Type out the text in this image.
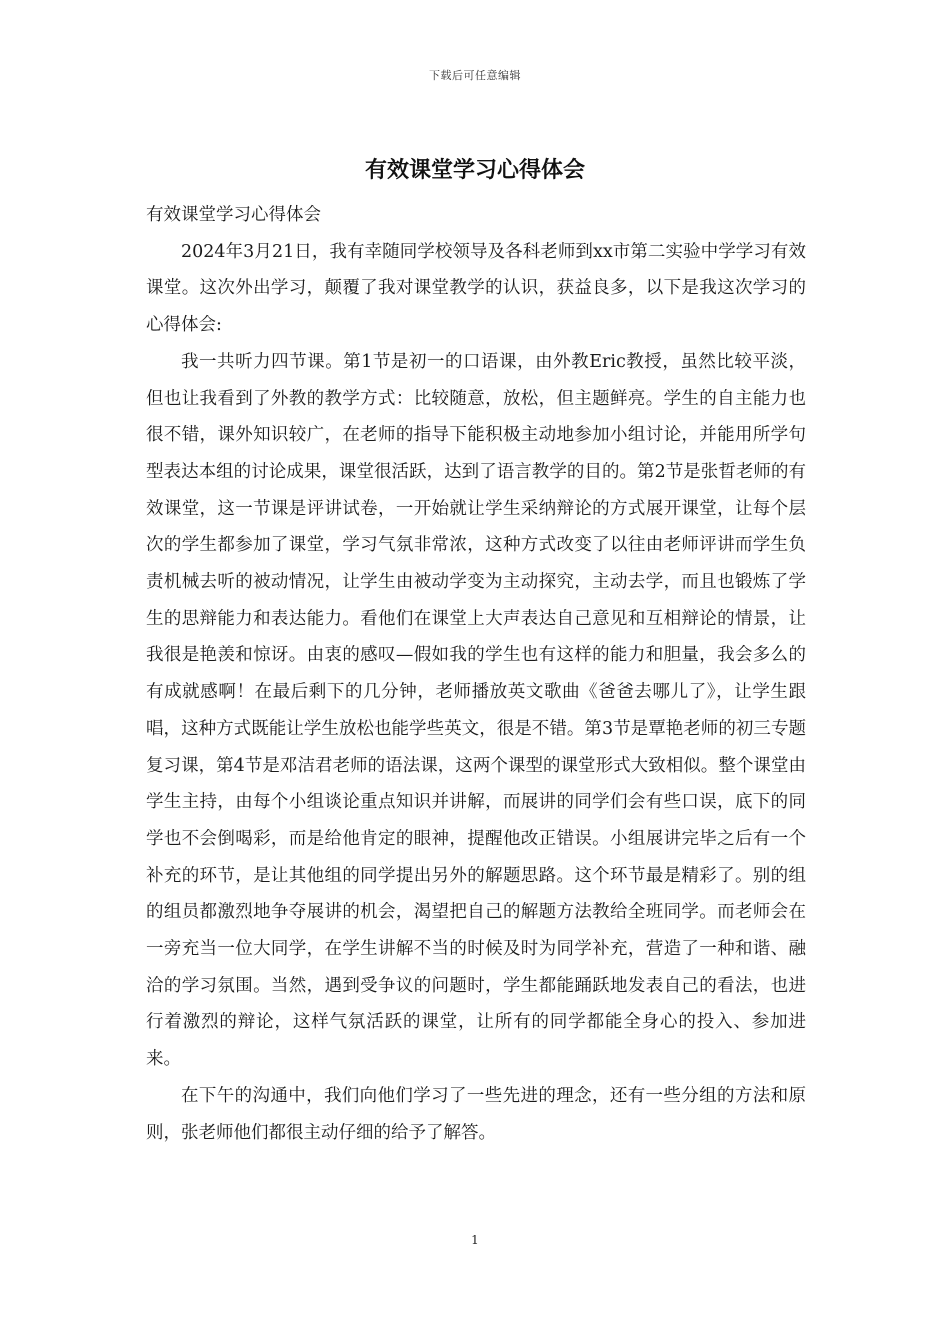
下载后可任意编辑
有效课堂学习心得体会

有效课堂学习心得体会

2024年3月21日，我有幸随同学校领导及各科老师到xx市第二实验中学学习有效课堂。这次外出学习，颠覆了我对课堂教学的认识，获益良多，以下是我这次学习的心得体会:

我一共听力四节课。第1节是初一的口语课，由外教Eric教授，虽然比较平淡，但也让我看到了外教的教学方式：比较随意，放松，但主题鲜亮。学生的自主能力也很不错，课外知识较广，在老师的指导下能积极主动地参加小组讨论，并能用所学句型表达本组的讨论成果，课堂很活跃，达到了语言教学的目的。第2节是张晢老师的有效课堂，这一节课是评讲试卷，一开始就让学生采纳辩论的方式展开课堂，让每个层次的学生都参加了课堂，学习气氛非常浓，这种方式改变了以往由老师评讲而学生负责机械去听的被动情况，让学生由被动学变为主动探究，主动去学，而且也锻炼了学生的思辩能力和表达能力。看他们在课堂上大声表达自己意见和互相辩论的情景，让我很是艳羡和惊讶。由衷的感叹—假如我的学生也有这样的能力和胆量，我会多么的有成就感啊！在最后剩下的几分钟，老师播放英文歌曲《爸爸去哪儿了》，让学生跟唱，这种方式既能让学生放松也能学些英文，很是不错。第3节是覃艳老师的初三专题复习课，第4节是邓洁君老师的语法课，这两个课型的课堂形式大致相似。整个课堂由学生主持，由每个小组谈论重点知识并讲解，而展讲的同学们会有些口误，底下的同学也不会倒喝彩，而是给他肯定的眼神，提醒他改正错误。小组展讲完毕之后有一个补充的环节，是让其他组的同学提出另外的解题思路。这个环节最是精彩了。别的组的组员都激烈地争夺展讲的机会，渴望把自己的解题方法教给全班同学。而老师会在一旁充当一位大同学，在学生讲解不当的时候及时为同学补充，营造了一种和谐、融洽的学习氛围。当然，遇到受争议的问题时，学生都能踊跃地发表自己的看法，也进行着激烈的辩论，这样气氛活跃的课堂，让所有的同学都能全身心的投入、参加进来。

在下午的沟通中，我们向他们学习了一些先进的理念，还有一些分组的方法和原则，张老师他们都很主动仔细的给予了解答。

1
